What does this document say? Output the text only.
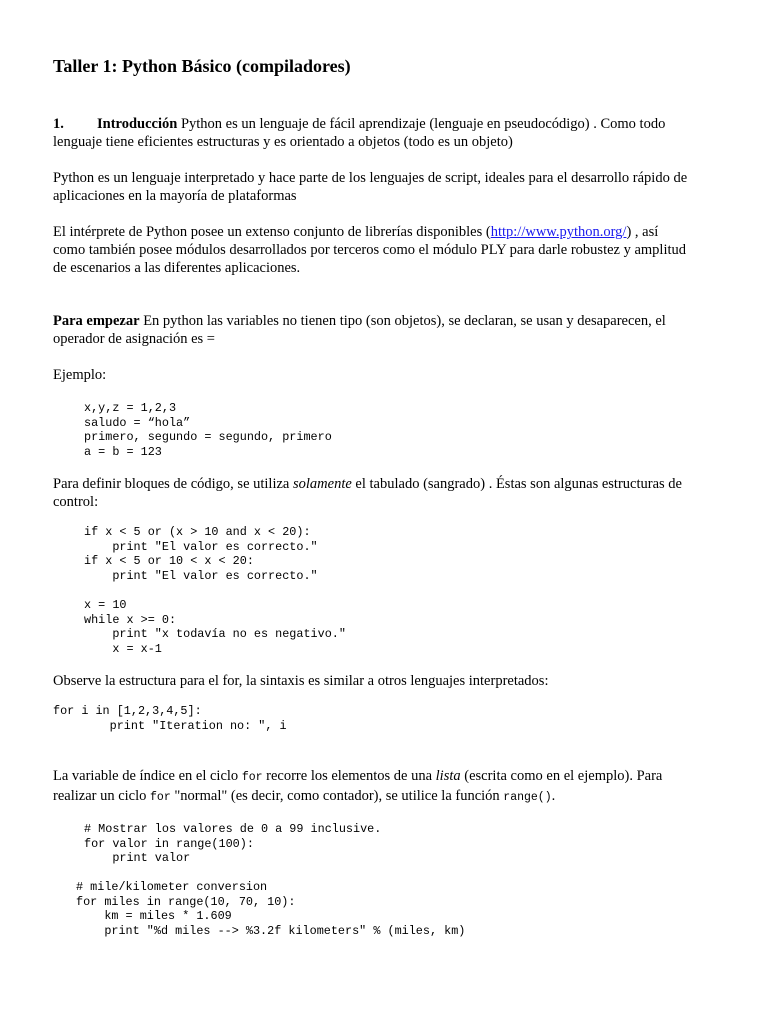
Taller 1: Python Básico (compiladores)

1. Introducción Python es un lenguaje de fácil aprendizaje (lenguaje en pseudocódigo) . Como todo
lenguaje tiene eficientes estructuras y es orientado a objetos (todo es un objeto)

Python es un lenguaje interpretado y hace parte de los lenguajes de script, ideales para el desarrollo rápido de
aplicaciones en la mayoría de plataformas

El intérprete de Python posee un extenso conjunto de librerías disponibles (http://www.python.org/) , así
como también posee módulos desarrollados por terceros como el módulo PLY para darle robustez y amplitud
de escenarios a las diferentes aplicaciones.

Para empezar En python las variables no tienen tipo (son objetos), se declaran, se usan y desaparecen, el
operador de asignación es =

Ejemplo:

x,y,z = 1,2,3
saludo = “hola”
primero, segundo = segundo, primero
a = b = 123

Para definir bloques de código, se utiliza solamente el tabulado (sangrado) . Éstas son algunas estructuras de
control:

if x < 5 or (x > 10 and x < 20):
print "El valor es correcto."
if x < 5 or 10 < x < 20:
print "El valor es correcto."

x = 10
while x >= 0:
print "x todavía no es negativo."
x = x-1

Observe la estructura para el for, la sintaxis es similar a otros lenguajes interpretados:

for i in [1,2,3,4,5]:
print "Iteration no: ", i

La variable de índice en el ciclo for recorre los elementos de una lista (escrita como en el ejemplo). Para
realizar un ciclo for "normal" (es decir, como contador), se utilice la función range().

# Mostrar los valores de 0 a 99 inclusive.
for valor in range(100):
print valor
# mile/kilometer conversion
for miles in range(10, 70, 10):
km = miles * 1.609
print "%d miles --> %3.2f kilometers" % (miles, km)
